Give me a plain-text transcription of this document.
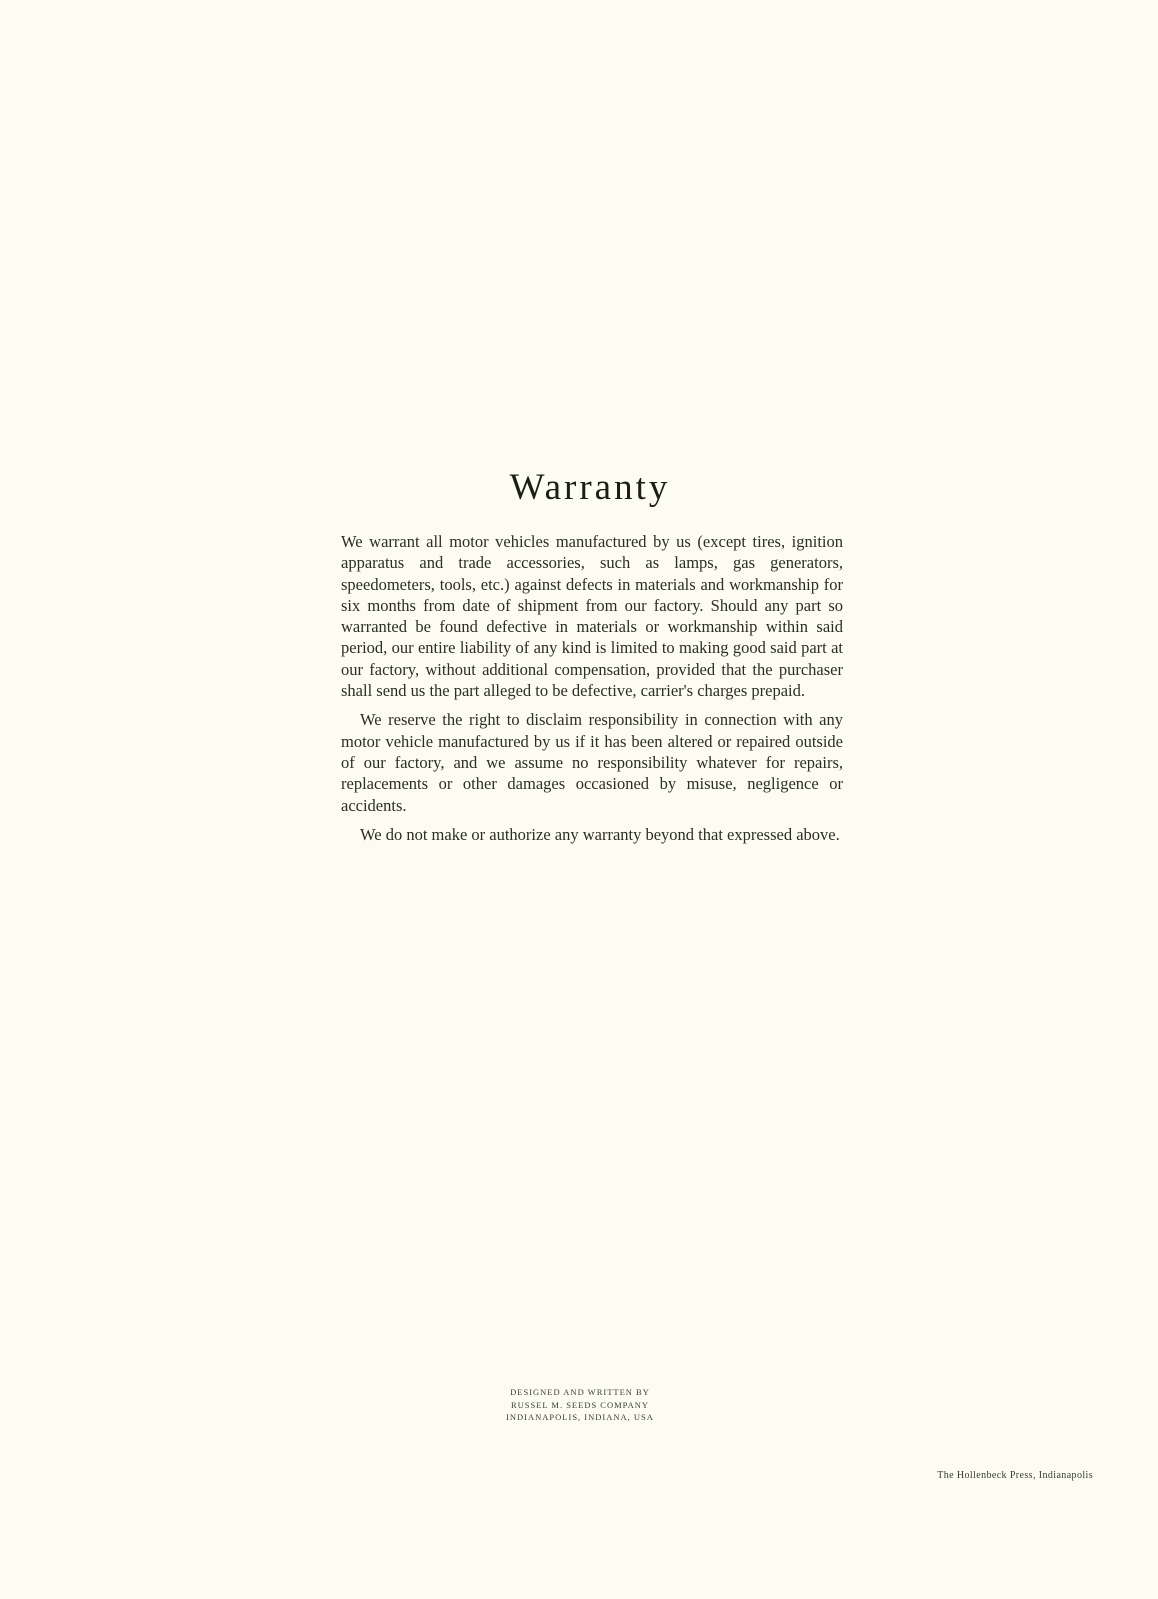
Warranty

We warrant all motor vehicles manufactured by us (except tires, ignition apparatus and trade accessories, such as lamps, gas generators, speedometers, tools, etc.) against defects in materials and workmanship for six months from date of shipment from our factory. Should any part so warranted be found defective in materials or workmanship within said period, our entire liability of any kind is limited to making good said part at our factory, without additional compensation, provided that the purchaser shall send us the part alleged to be defective, carrier's charges prepaid.

We reserve the right to disclaim responsibility in connection with any motor vehicle manufactured by us if it has been altered or repaired outside of our factory, and we assume no responsibility whatever for repairs, replacements or other damages occasioned by misuse, negligence or accidents.

We do not make or authorize any warranty beyond that expressed above.

DESIGNED AND WRITTEN BY
RUSSEL M. SEEDS COMPANY
INDIANAPOLIS, INDIANA, USA
The Hollenbeck Press, Indianapolis
